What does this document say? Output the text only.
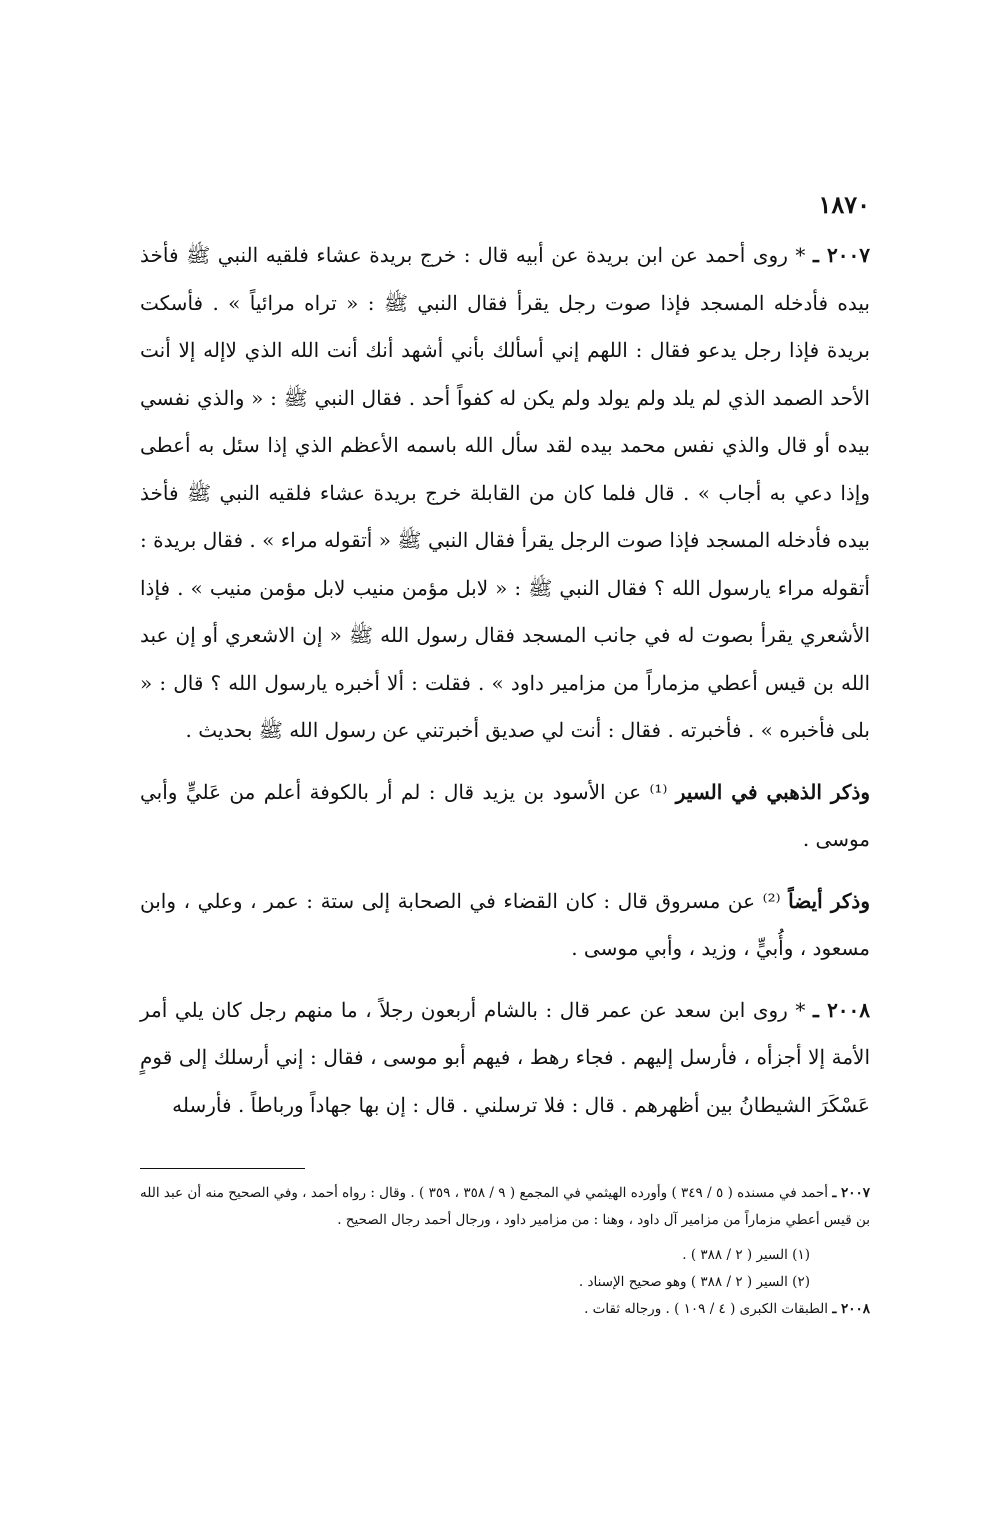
١٨٧٠

٢٠٠٧ ـ * روى أحمد عن ابن بريدة عن أبيه قال : خرج بريدة عشاء فلقيه النبي ﷺ فأخذ بيده فأدخله المسجد فإذا صوت رجل يقرأ فقال النبي ﷺ : « تراه مرائياً » . فأسكت بريدة فإذا رجل يدعو فقال : اللهم إني أسألك بأني أشهد أنك أنت الله الذي لاإله إلا أنت الأحد الصمد الذي لم يلد ولم يولد ولم يكن له كفواً أحد . فقال النبي ﷺ : « والذي نفسي بيده أو قال والذي نفس محمد بيده لقد سأل الله باسمه الأعظم الذي إذا سئل به أعطى وإذا دعي به أجاب » . قال فلما كان من القابلة خرج بريدة عشاء فلقيه النبي ﷺ فأخذ بيده فأدخله المسجد فإذا صوت الرجل يقرأ فقال النبي ﷺ « أتقوله مراء » . فقال بريدة : أتقوله مراء يارسول الله ؟ فقال النبي ﷺ : « لابل مؤمن منيب لابل مؤمن منيب » . فإذا الأشعري يقرأ بصوت له في جانب المسجد فقال رسول الله ﷺ « إن الاشعري أو إن عبد الله بن قيس أعطي مزماراً من مزامير داود » . فقلت : ألا أخبره يارسول الله ؟ قال : « بلى فأخبره » . فأخبرته . فقال : أنت لي صديق أخبرتني عن رسول الله ﷺ بحديث .

وذكر الذهبي في السير ⁽¹⁾ عن الأسود بن يزيد قال : لم أر بالكوفة أعلم من عَليٍّ وأبي موسى .

وذكر أيضاً ⁽²⁾ عن مسروق قال : كان القضاء في الصحابة إلى ستة : عمر ، وعلي ، وابن مسعود ، وأُبيٍّ ، وزيد ، وأبي موسى .

٢٠٠٨ ـ * روى ابن سعد عن عمر قال : بالشام أربعون رجلاً ، ما منهم رجل كان يلي أمر الأمة إلا أجزأه ، فأرسل إليهم . فجاء رهط ، فيهم أبو موسى ، فقال : إني أرسلك إلى قومٍ عَسْكَرَ الشيطانُ بين أظهرهم . قال : فلا ترسلني . قال : إن بها جهاداً ورباطاً . فأرسله

٢٠٠٧ ـ أحمد في مسنده ( ٥ / ٣٤٩ ) وأورده الهيثمي في المجمع ( ٩ / ٣٥٨ ، ٣٥٩ ) . وقال : رواه أحمد ، وفي الصحيح منه أن عبد الله بن قيس أعطي مزماراً من مزامير آل داود ، وهنا : من مزامير داود ، ورجال أحمد رجال الصحيح .

(١) السير ( ٢ / ٣٨٨ ) .

(٢) السير ( ٢ / ٣٨٨ ) وهو صحيح الإسناد .

٢٠٠٨ ـ الطبقات الكبرى ( ٤ / ١٠٩ ) . ورجاله ثقات .
